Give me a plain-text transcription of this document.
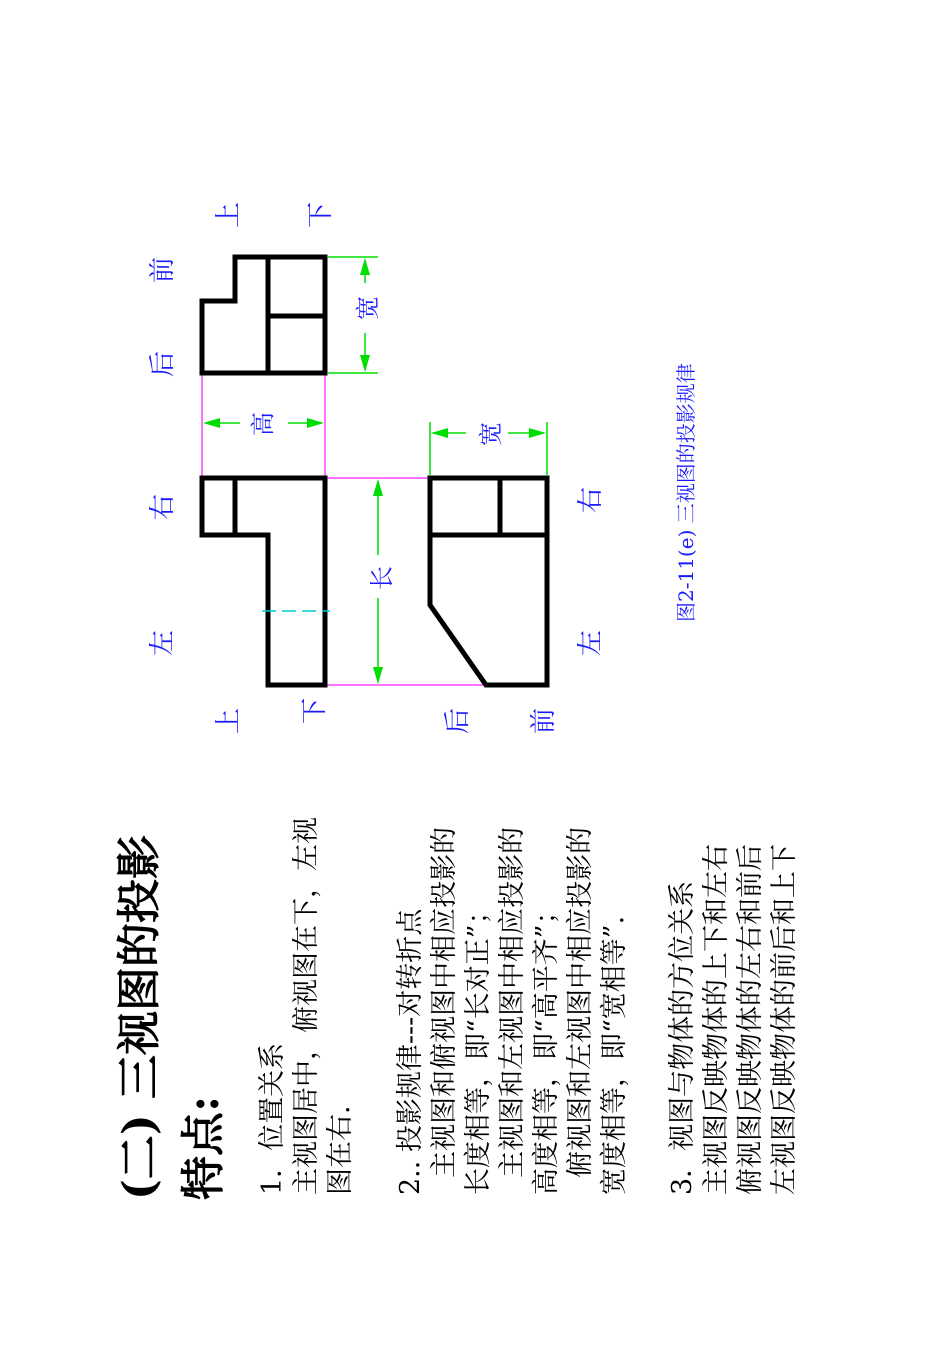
高
宽
长
宽
上 下
前
后
右
左
上 下	后 前
左
右	图2-11(e) 三视图的投影规律
(二) 三视图的投影 特点: 1．位置关系 主视图居中，俯视图在下，左视 图在右. 2.. 投影规律---对转折点 主视图和俯视图中相应投影的 长度相等，即“长对正”； 主视图和左视图中相应投影的 高度相等，即“高平齐”； 俯视图和左视图中相应投影的 宽度相等，即“宽相等”. 3．视图与物体的方位关系 主视图反映物体的上下和左右 俯视图反映物体的左右和前后 左视图反映物体的前后和上下
